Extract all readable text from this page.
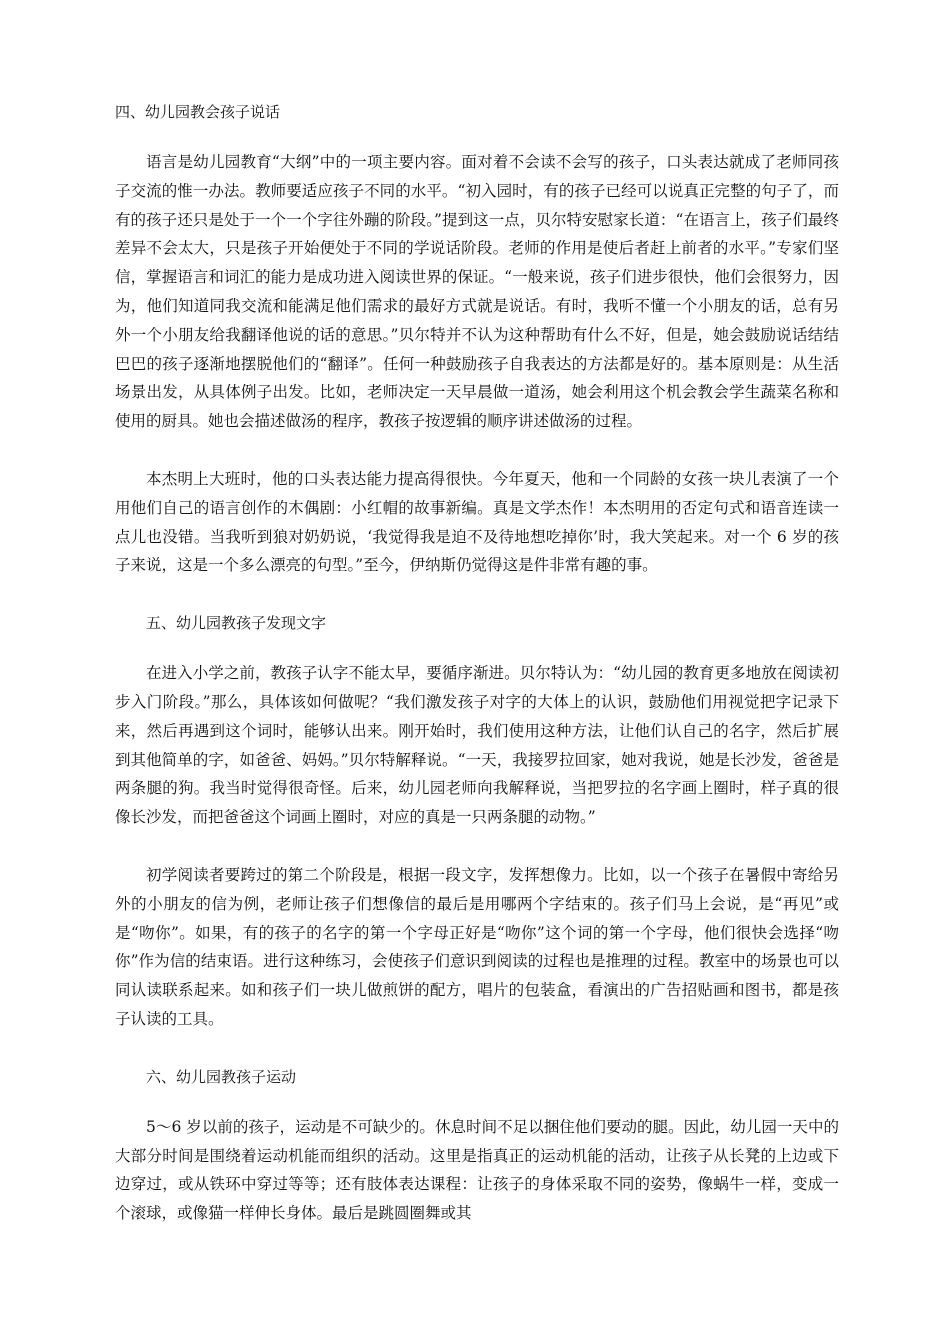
四、幼儿园教会孩子说话

语言是幼儿园教育“大纲”中的一项主要内容。面对着不会读不会写的孩子，口头表达就成了老师同孩子交流的惟一办法。教师要适应孩子不同的水平。“初入园时，有的孩子已经可以说真正完整的句子了，而有的孩子还只是处于一个一个字往外蹦的阶段。”提到这一点，贝尔特安慰家长道：“在语言上，孩子们最终差异不会太大，只是孩子开始便处于不同的学说话阶段。老师的作用是使后者赶上前者的水平。”专家们坚信，掌握语言和词汇的能力是成功进入阅读世界的保证。“一般来说，孩子们进步很快，他们会很努力，因为，他们知道同我交流和能满足他们需求的最好方式就是说话。有时，我听不懂一个小朋友的话，总有另外一个小朋友给我翻译他说的话的意思。”贝尔特并不认为这种帮助有什么不好，但是，她会鼓励说话结结巴巴的孩子逐渐地摆脱他们的“翻译”。任何一种鼓励孩子自我表达的方法都是好的。基本原则是：从生活场景出发，从具体例子出发。比如，老师决定一天早晨做一道汤，她会利用这个机会教会学生蔬菜名称和使用的厨具。她也会描述做汤的程序，教孩子按逻辑的顺序讲述做汤的过程。

本杰明上大班时，他的口头表达能力提高得很快。今年夏天，他和一个同龄的女孩一块儿表演了一个用他们自己的语言创作的木偶剧：小红帽的故事新编。真是文学杰作！本杰明用的否定句式和语音连读一点儿也没错。当我听到狼对奶奶说，‘我觉得我是迫不及待地想吃掉你’时，我大笑起来。对一个 6 岁的孩子来说，这是一个多么漂亮的句型。”至今，伊纳斯仍觉得这是件非常有趣的事。

五、幼儿园教孩子发现文字

在进入小学之前，教孩子认字不能太早，要循序渐进。贝尔特认为：“幼儿园的教育更多地放在阅读初步入门阶段。”那么，具体该如何做呢？“我们激发孩子对字的大体上的认识，鼓励他们用视觉把字记录下来，然后再遇到这个词时，能够认出来。刚开始时，我们使用这种方法，让他们认自己的名字，然后扩展到其他简单的字，如爸爸、妈妈。”贝尔特解释说。“一天，我接罗拉回家，她对我说，她是长沙发，爸爸是两条腿的狗。我当时觉得很奇怪。后来，幼儿园老师向我解释说，当把罗拉的名字画上圈时，样子真的很像长沙发，而把爸爸这个词画上圈时，对应的真是一只两条腿的动物。”

初学阅读者要跨过的第二个阶段是，根据一段文字，发挥想像力。比如，以一个孩子在暑假中寄给另外的小朋友的信为例，老师让孩子们想像信的最后是用哪两个字结束的。孩子们马上会说，是“再见”或是“吻你”。如果，有的孩子的名字的第一个字母正好是“吻你”这个词的第一个字母，他们很快会选择“吻你”作为信的结束语。进行这种练习，会使孩子们意识到阅读的过程也是推理的过程。教室中的场景也可以同认读联系起来。如和孩子们一块儿做煎饼的配方，唱片的包装盒，看演出的广告招贴画和图书，都是孩子认读的工具。

六、幼儿园教孩子运动

5～6 岁以前的孩子，运动是不可缺少的。休息时间不足以捆住他们要动的腿。因此，幼儿园一天中的大部分时间是围绕着运动机能而组织的活动。这里是指真正的运动机能的活动，让孩子从长凳的上边或下边穿过，或从铁环中穿过等等；还有肢体表达课程：让孩子的身体采取不同的姿势，像蜗牛一样，变成一个滚球，或像猫一样伸长身体。最后是跳圆圈舞或其
